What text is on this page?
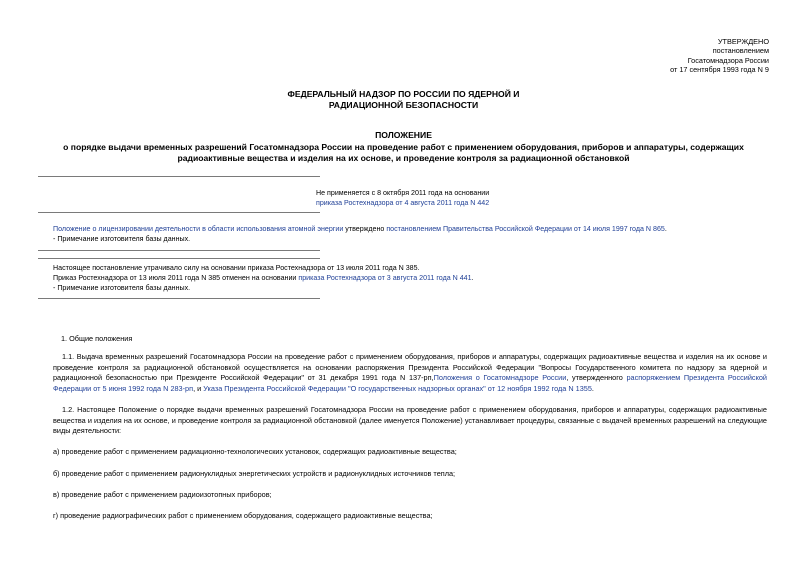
УТВЕРЖДЕНО
постановлением
Госатомнадзора России
от 17 сентября 1993 года N 9
ФЕДЕРАЛЬНЫЙ НАДЗОР ПО РОССИИ ПО ЯДЕРНОЙ И
РАДИАЦИОННОЙ БЕЗОПАСНОСТИ
ПОЛОЖЕНИЕ
о порядке выдачи временных разрешений Госатомнадзора России на проведение работ с применением оборудования, приборов и аппаратуры, содержащих радиоактивные вещества и изделия на их основе, и проведение контроля за радиационной обстановкой
Не применяется с 8 октября 2011 года на основании
приказа Ростехнадзора от 4 августа 2011 года N 442
Положение о лицензировании деятельности в области использования атомной энергии утверждено постановлением Правительства Российской Федерации от 14 июля 1997 года N 865.
- Примечание изготовителя базы данных.
Настоящее постановление утрачивало силу на основании приказа Ростехнадзора от 13 июля 2011 года N 385.
Приказ Ростехнадзора от 13 июля 2011 года N 385 отменен на основании приказа Ростехнадзора от 3 августа 2011 года N 441.
- Примечание изготовителя базы данных.
1. Общие положения
1.1. Выдача временных разрешений Госатомнадзора России на проведение работ с применением оборудования, приборов и аппаратуры, содержащих радиоактивные вещества и изделия на их основе и проведение контроля за радиационной обстановкой осуществляется на основании распоряжения Президента Российской Федерации "Вопросы Государственного комитета по надзору за ядерной и радиационной безопасностью при Президенте Российской Федерации" от 31 декабря 1991 года N 137-рп,Положения о Госатомнадзоре России, утвержденного распоряжением Президента Российской Федерации от 5 июня 1992 года N 283-рп, и Указа Президента Российской Федерации "О государственных надзорных органах" от 12 ноября 1992 года N 1355.
1.2. Настоящее Положение о порядке выдачи временных разрешений Госатомнадзора России на проведение работ с применением оборудования, приборов и аппаратуры, содержащих радиоактивные вещества и изделия на их основе, и проведение контроля за радиационной обстановкой (далее именуется Положение) устанавливает процедуры, связанные с выдачей временных разрешений на следующие виды деятельности:
а) проведение работ с применением радиационно-технологических установок, содержащих радиоактивные вещества;
б) проведение работ с применением радионуклидных энергетических устройств и радионуклидных источников тепла;
в) проведение работ с применением радиоизотопных приборов;
г) проведение радиографических работ с применением оборудования, содержащего радиоактивные вещества;
